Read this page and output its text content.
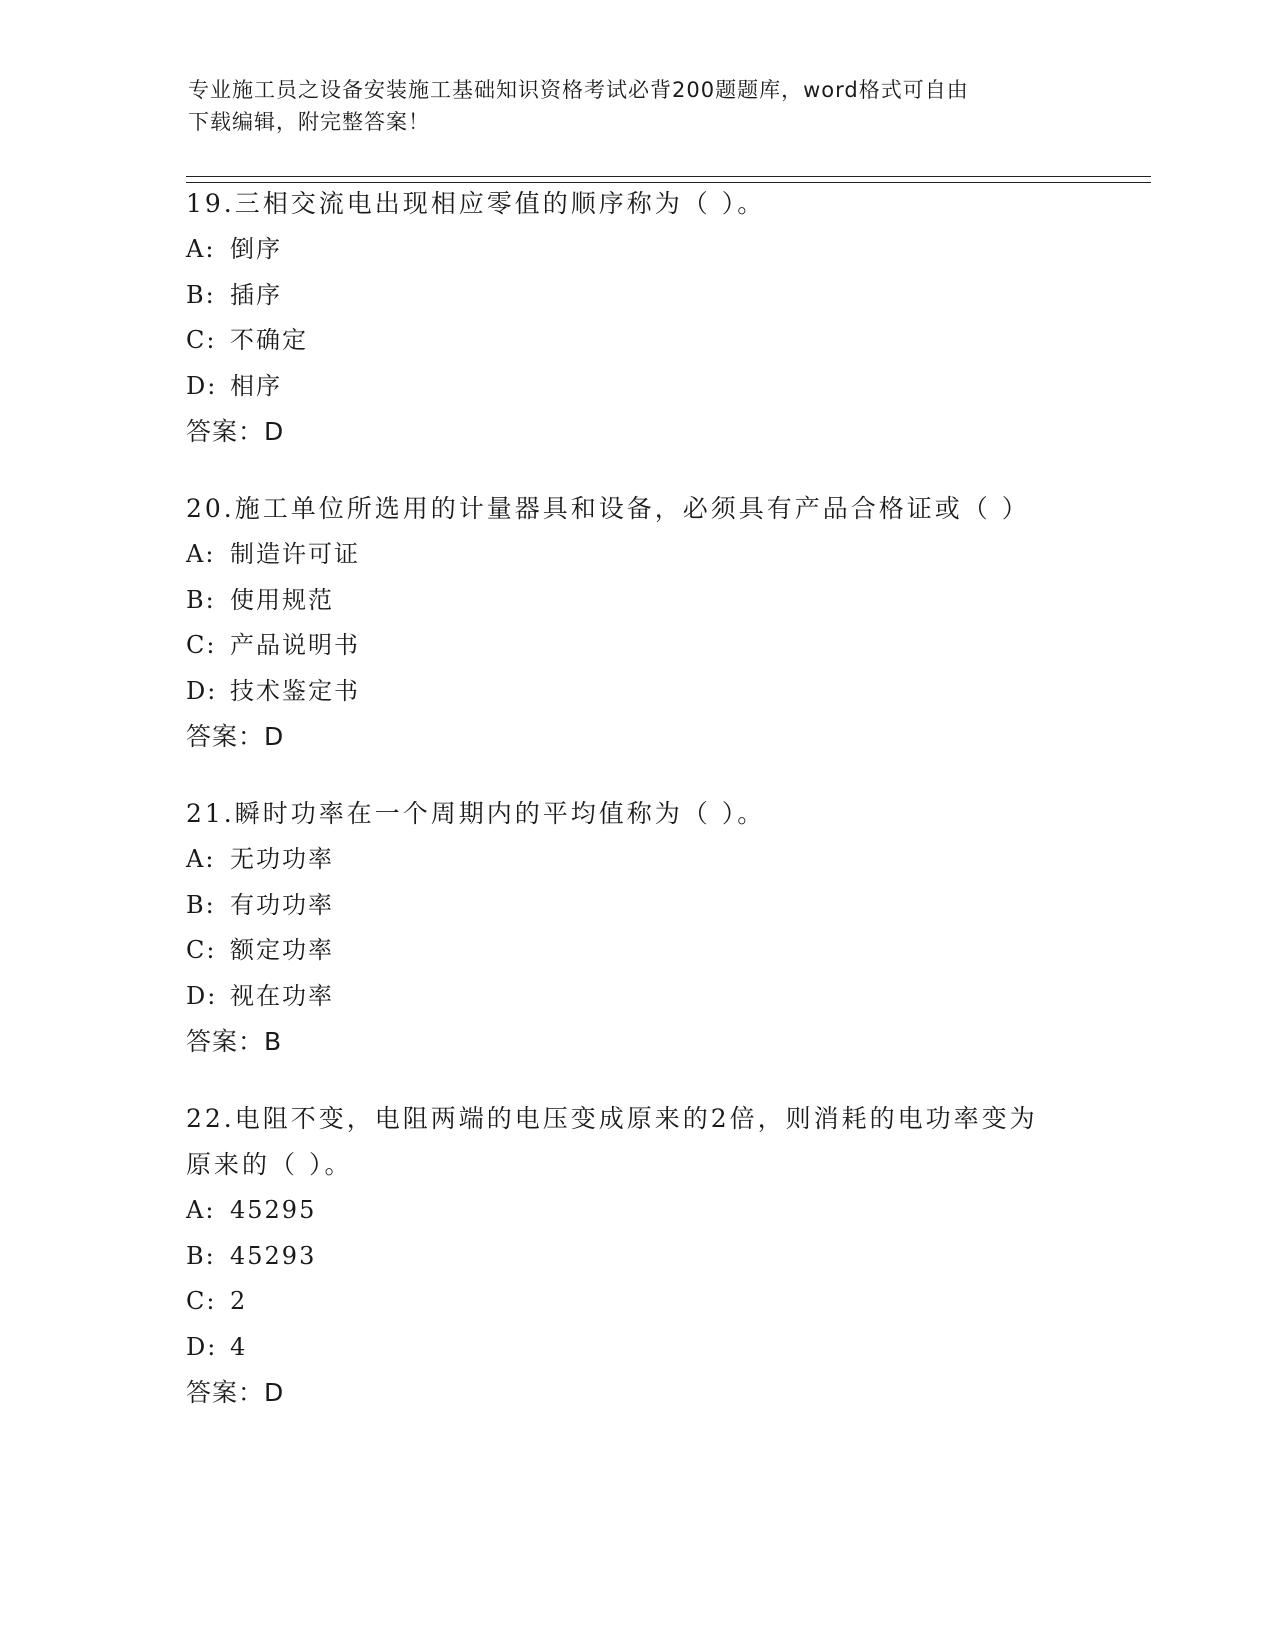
专业施工员之设备安装施工基础知识资格考试必背200题题库，word格式可自由
下载编辑，附完整答案！

19.三相交流电出现相应零值的顺序称为（ ）。

A: 倒序

B: 插序

C: 不确定

D: 相序

答案：D

20.施工单位所选用的计量器具和设备，必须具有产品合格证或（ ）

A: 制造许可证

B: 使用规范

C: 产品说明书

D: 技术鉴定书

答案：D

21.瞬时功率在一个周期内的平均值称为（ ）。

A: 无功功率

B: 有功功率

C: 额定功率

D: 视在功率

答案：B

22.电阻不变，电阻两端的电压变成原来的2倍，则消耗的电功率变为

原来的（ ）。

A: 45295

B: 45293

C: 2

D: 4

答案：D
